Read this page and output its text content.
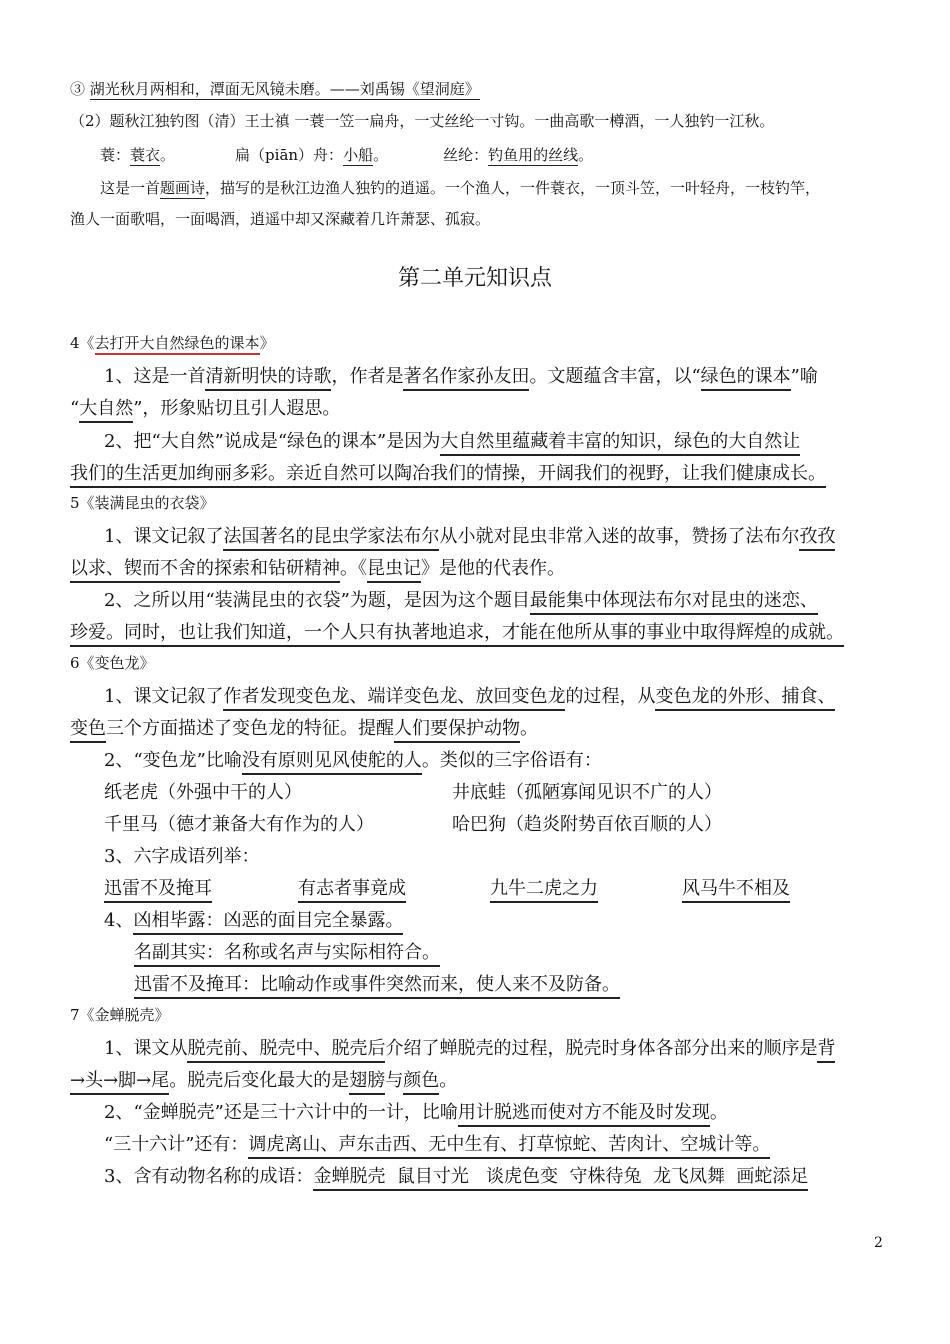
③ 湖光秋月两相和，潭面无风镜未磨。——刘禹锡《望洞庭》
（2）题秋江独钓图（清）王士禛 一蓑一笠一扁舟，一丈丝纶一寸钩。一曲高歌一樽酒，一人独钓一江秋。
蓑：蓑衣。	扁（piān）舟：小船。	丝纶：钓鱼用的丝线。
这是一首题画诗，描写的是秋江边渔人独钓的逍遥。一个渔人，一件蓑衣，一顶斗笠，一叶轻舟，一枝钓竿，
渔人一面歌唱，一面喝酒，逍遥中却又深藏着几许萧瑟、孤寂。
第二单元知识点
4《去打开大自然绿色的课本》
1、这是一首清新明快的诗歌，作者是著名作家孙友田。文题蕴含丰富，以“绿色的课本”喻
“大自然”，形象贴切且引人遐思。
2、把“大自然”说成是“绿色的课本”是因为大自然里蕴藏着丰富的知识，绿色的大自然让
我们的生活更加绚丽多彩。亲近自然可以陶冶我们的情操，开阔我们的视野，让我们健康成长。
5《装满昆虫的衣袋》
1、课文记叙了法国著名的昆虫学家法布尔从小就对昆虫非常入迷的故事，赞扬了法布尔孜孜
以求、锲而不舍的探索和钻研精神。《昆虫记》是他的代表作。
2、之所以用“装满昆虫的衣袋”为题，是因为这个题目最能集中体现法布尔对昆虫的迷恋、
珍爱。同时，也让我们知道，一个人只有执著地追求，才能在他所从事的事业中取得辉煌的成就。
6《变色龙》
1、课文记叙了作者发现变色龙、端详变色龙、放回变色龙的过程，从变色龙的外形、捕食、
变色三个方面描述了变色龙的特征。提醒人们要保护动物。
2、“变色龙”比喻没有原则见风使舵的人。类似的三字俗语有：
纸老虎（外强中干的人）	井底蛙（孤陋寡闻见识不广的人）
千里马（德才兼备大有作为的人）	哈巴狗（趋炎附势百依百顺的人）
3、六字成语列举：
迅雷不及掩耳	有志者事竟成	九牛二虎之力	风马牛不相及
4、凶相毕露：凶恶的面目完全暴露。
名副其实：名称或名声与实际相符合。
迅雷不及掩耳：比喻动作或事件突然而来，使人来不及防备。
7《金蝉脱壳》
1、课文从脱壳前、脱壳中、脱壳后介绍了蝉脱壳的过程，脱壳时身体各部分出来的顺序是背
→头→脚→尾。脱壳后变化最大的是翅膀与颜色。
2、“金蝉脱壳”还是三十六计中的一计，比喻用计脱逃而使对方不能及时发现。
“三十六计”还有：调虎离山、声东击西、无中生有、打草惊蛇、苦肉计、空城计等。
3、含有动物名称的成语：金蝉脱壳  鼠目寸光   谈虎色变  守株待兔  龙飞凤舞  画蛇添足
2
